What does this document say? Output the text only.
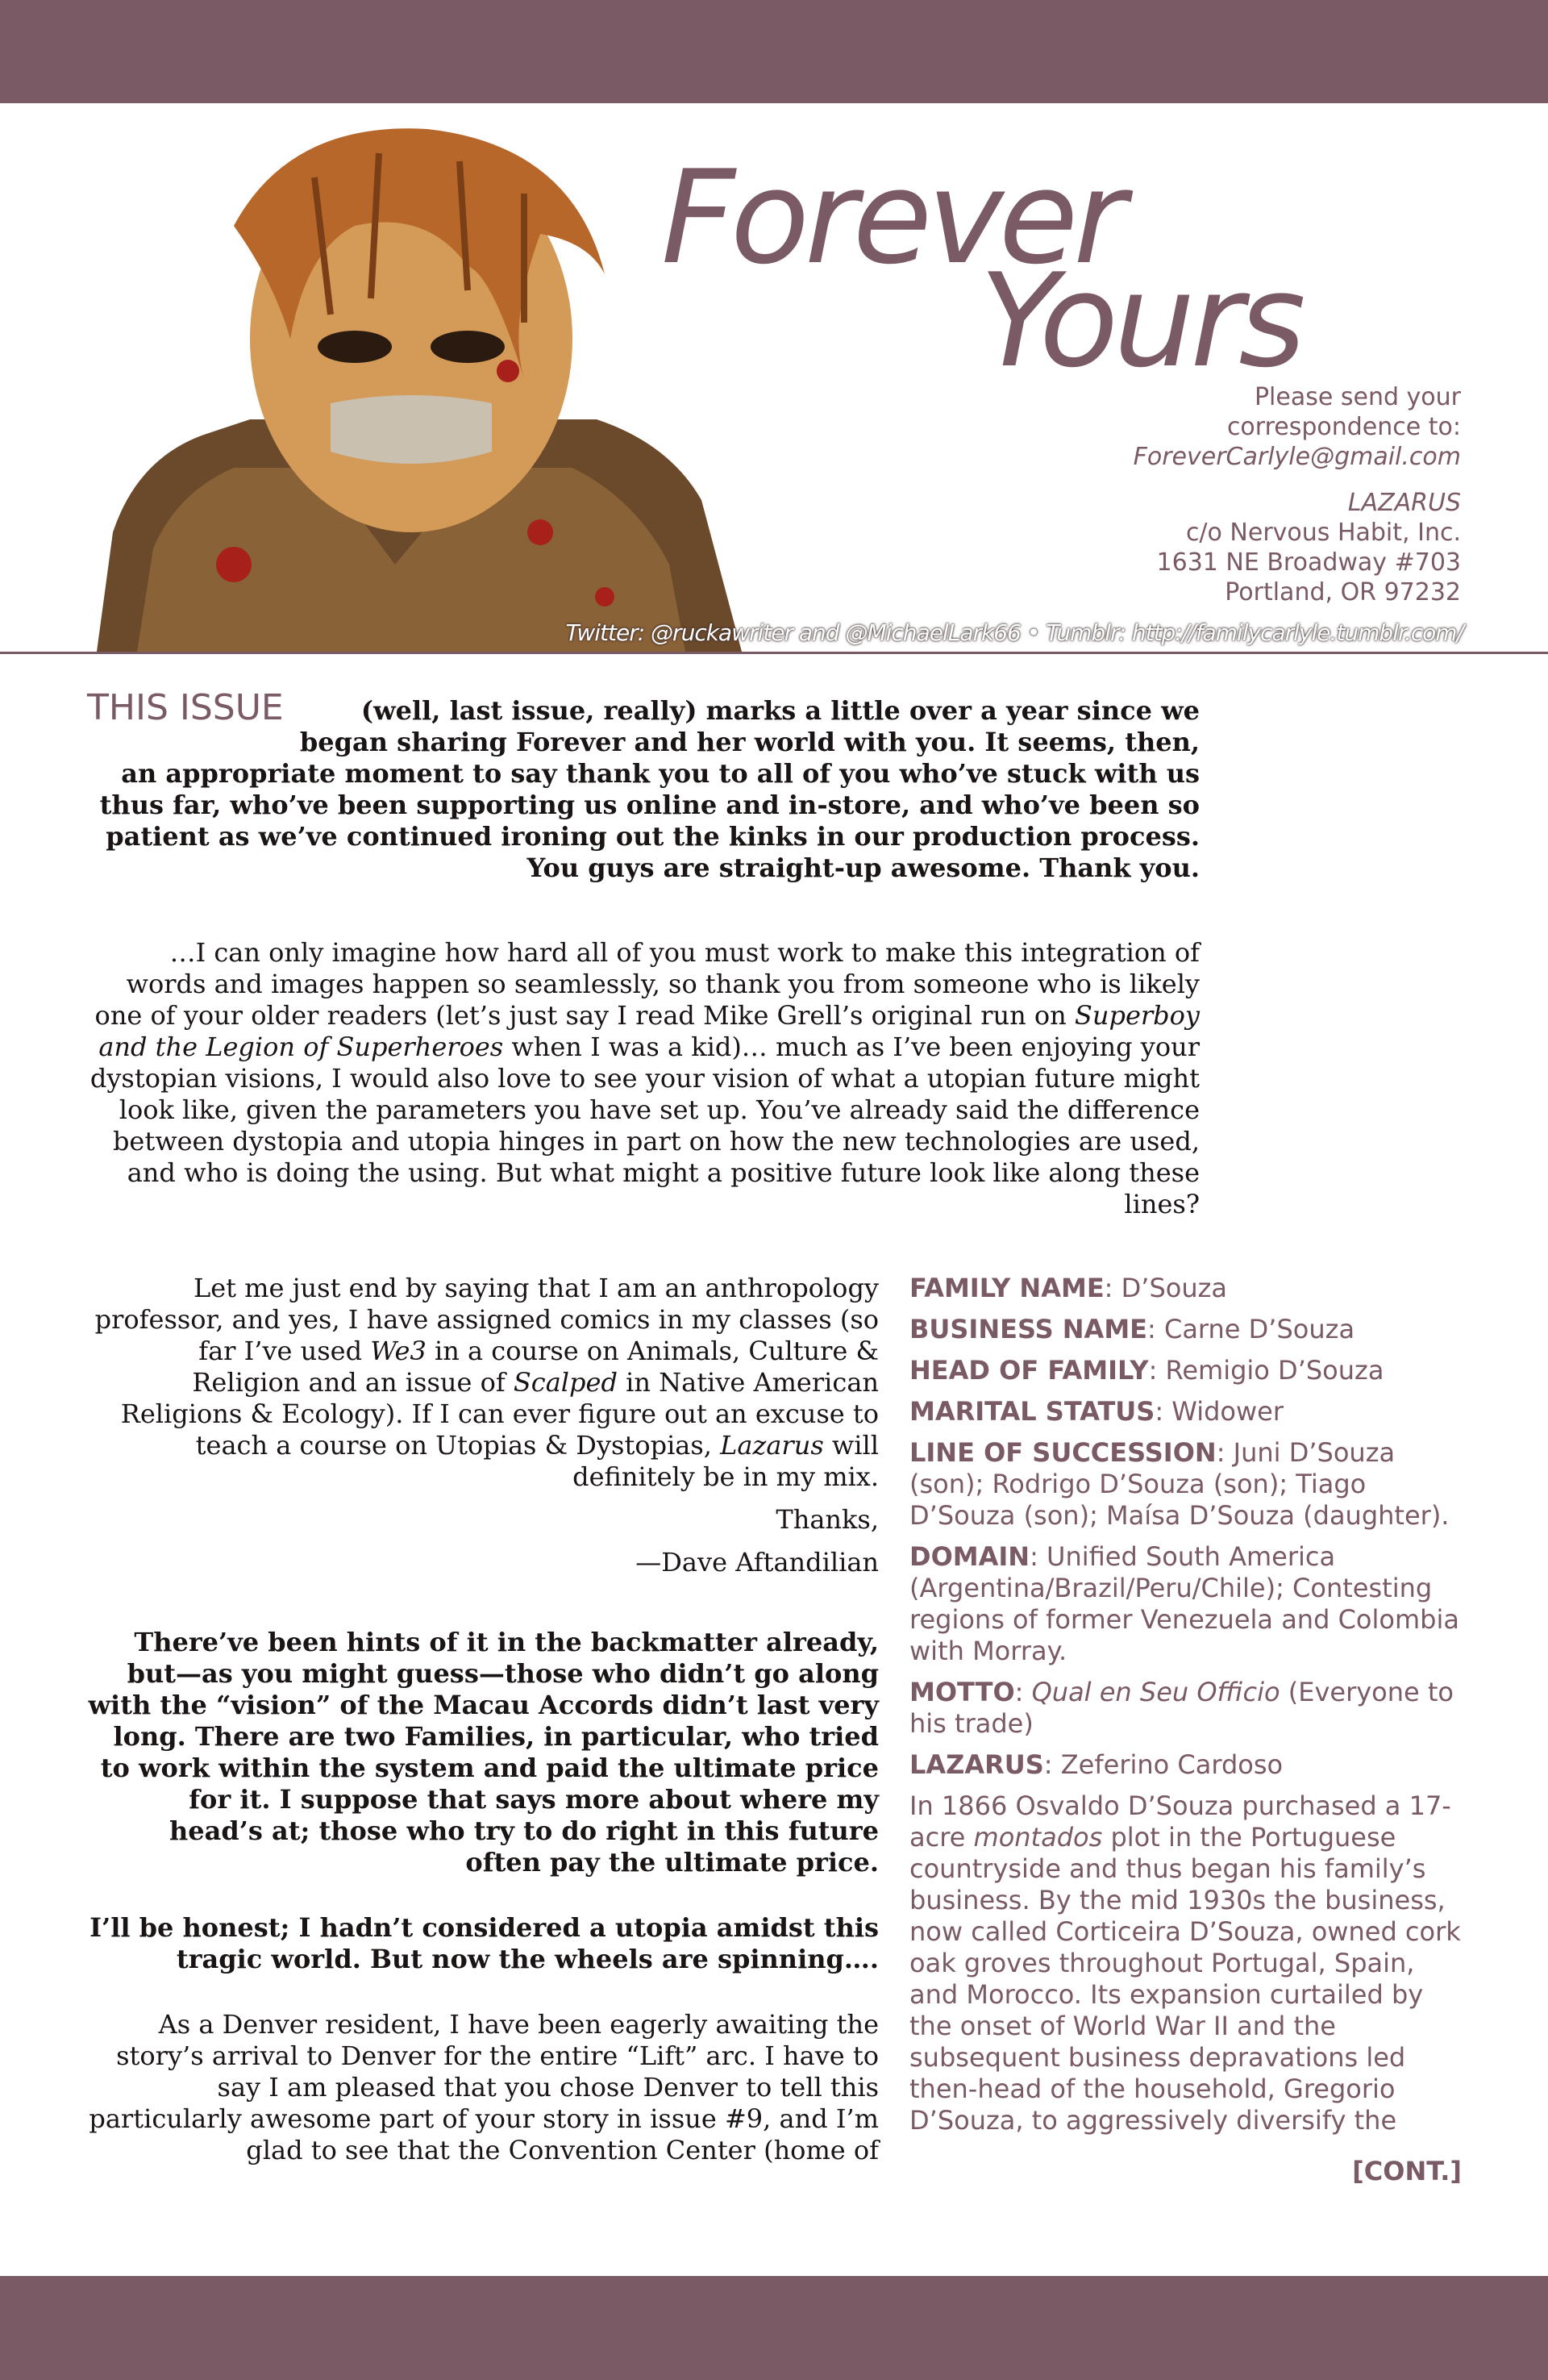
Forever
Yours
Please send your
correspondence to:
ForeverCarlyle@gmail.com
LAZARUS
c/o Nervous Habit, Inc.
1631 NE Broadway #703
Portland, OR 97232
Twitter: @ruckawriter and @MichaelLark66 • Tumblr: http://familycarlyle.tumblr.com/
THIS ISSUE	(well, last issue, really) marks a little over a year since we began sharing Forever and her world with you. It seems, then, an appropriate moment to say thank you to all of you who’ve stuck with us thus far, who’ve been supporting us online and in-store, and who’ve been so patient as we’ve continued ironing out the kinks in our production process. You guys are straight-up awesome. Thank you.

…I can only imagine how hard all of you must work to make this integration of words and images happen so seamlessly, so thank you from someone who is likely one of your older readers (let’s just say I read Mike Grell’s original run on Superboy and the Legion of Superheroes when I was a kid)… much as I’ve been enjoying your dystopian visions, I would also love to see your vision of what a utopian future might look like, given the parameters you have set up. You’ve already said the difference between dystopia and utopia hinges in part on how the new technologies are used, and who is doing the using. But what might a positive future look like along these lines?

Let me just end by saying that I am an anthropology professor, and yes, I have assigned comics in my classes (so far I’ve used We3 in a course on Animals, Culture & Religion and an issue of Scalped in Native American Religions & Ecology). If I can ever figure out an excuse to teach a course on Utopias & Dystopias, Lazarus will definitely be in my mix.

Thanks,

—Dave Aftandilian

There’ve been hints of it in the backmatter already, but—as you might guess—those who didn’t go along with the “vision” of the Macau Accords didn’t last very long. There are two Families, in particular, who tried to work within the system and paid the ultimate price for it. I suppose that says more about where my head’s at; those who try to do right in this future often pay the ultimate price.

I’ll be honest; I hadn’t considered a utopia amidst this tragic world. But now the wheels are spinning….

As a Denver resident, I have been eagerly awaiting the story’s arrival to Denver for the entire “Lift” arc. I have to say I am pleased that you chose Denver to tell this particularly awesome part of your story in issue #9, and I’m glad to see that the Convention Center (home of

FAMILY NAME: D’Souza

BUSINESS NAME: Carne D’Souza

HEAD OF FAMILY: Remigio D’Souza

MARITAL STATUS: Widower

LINE OF SUCCESSION: Juni D’Souza (son); Rodrigo D’Souza (son); Tiago D’Souza (son); Maísa D’Souza (daughter).

DOMAIN: Unified South America (Argentina/Brazil/Peru/Chile); Contesting regions of former Venezuela and Colombia with Morray.

MOTTO: Qual en Seu Officio (Everyone to his trade)

LAZARUS: Zeferino Cardoso

In 1866 Osvaldo D’Souza purchased a 17-acre montados plot in the Portuguese countryside and thus began his family’s business. By the mid 1930s the business, now called Corticeira D’Souza, owned cork oak groves throughout Portugal, Spain, and Morocco. Its expansion curtailed by the onset of World War II and the subsequent business depravations led then-head of the household, Gregorio D’Souza, to aggressively diversify the

[CONT.]
